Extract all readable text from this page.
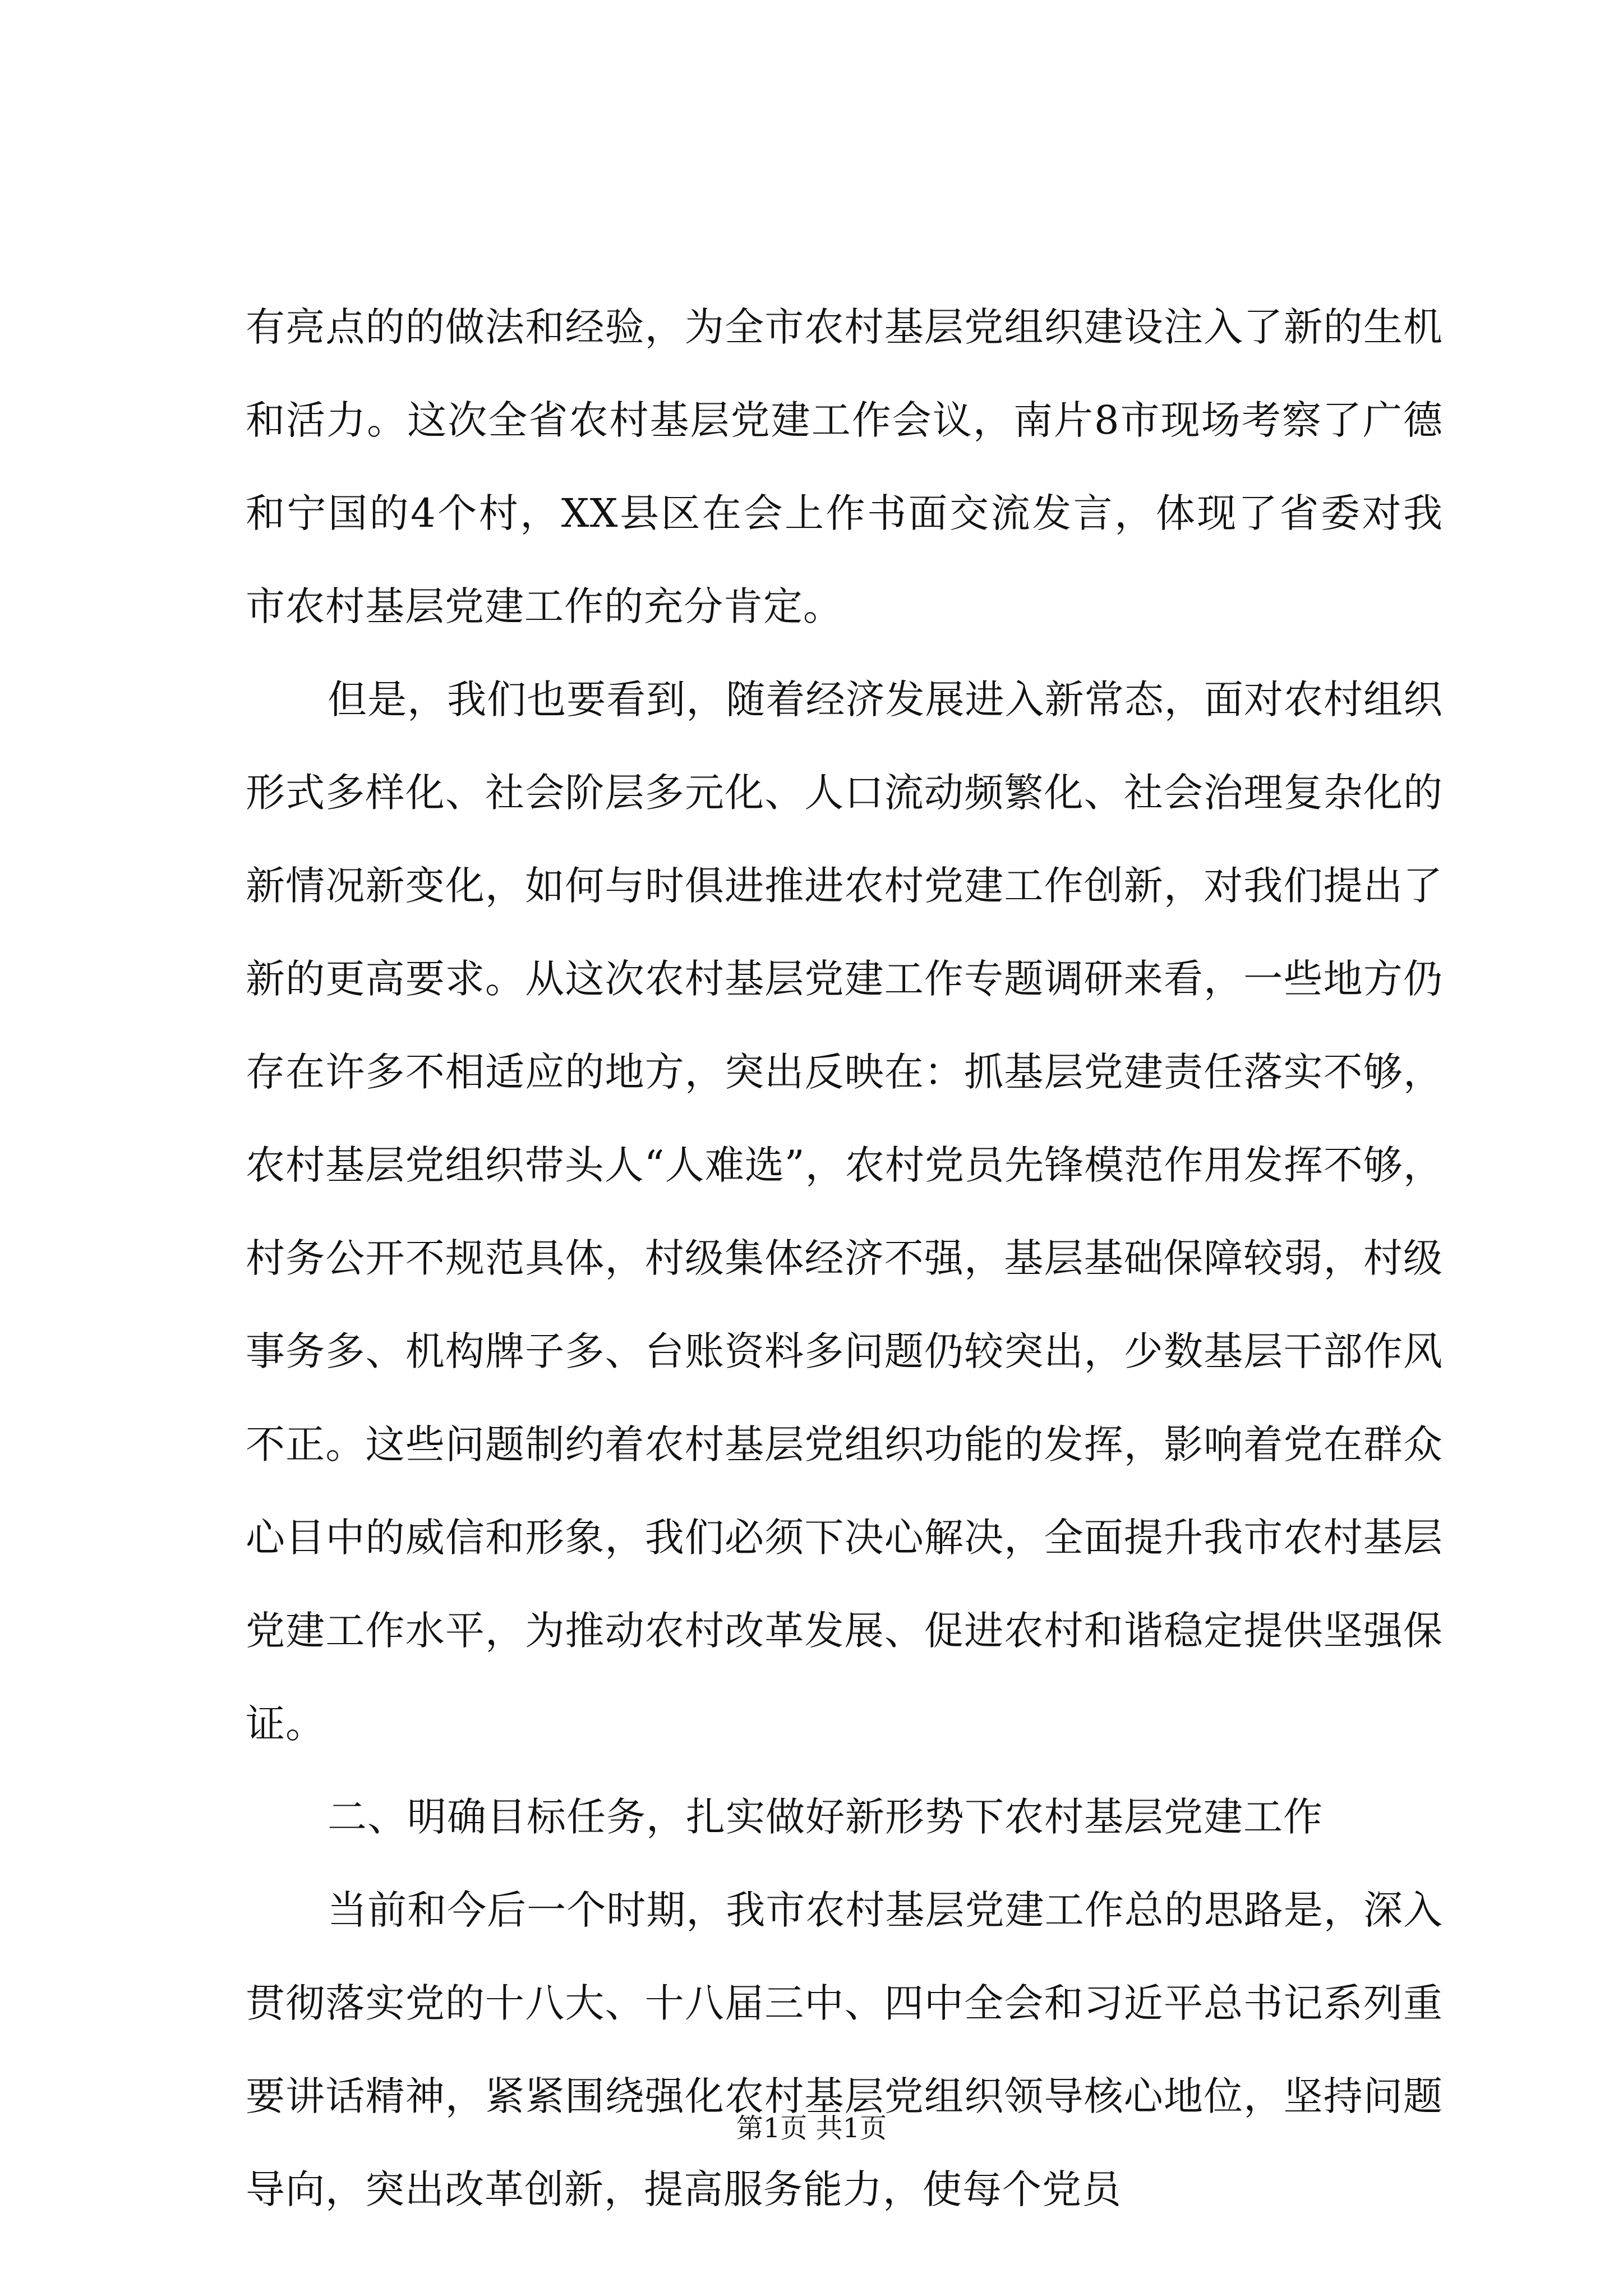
有亮点的的做法和经验，为全市农村基层党组织建设注入了新的生机和活力。这次全省农村基层党建工作会议，南片8市现场考察了广德和宁国的4个村，XX县区在会上作书面交流发言，体现了省委对我市农村基层党建工作的充分肯定。

但是，我们也要看到，随着经济发展进入新常态，面对农村组织形式多样化、社会阶层多元化、人口流动频繁化、社会治理复杂化的新情况新变化，如何与时俱进推进农村党建工作创新，对我们提出了新的更高要求。从这次农村基层党建工作专题调研来看，一些地方仍存在许多不相适应的地方，突出反映在：抓基层党建责任落实不够，农村基层党组织带头人“人难选”，农村党员先锋模范作用发挥不够，村务公开不规范具体，村级集体经济不强，基层基础保障较弱，村级事务多、机构牌子多、台账资料多问题仍较突出，少数基层干部作风不正。这些问题制约着农村基层党组织功能的发挥，影响着党在群众心目中的威信和形象，我们必须下决心解决，全面提升我市农村基层党建工作水平，为推动农村改革发展、促进农村和谐稳定提供坚强保证。

二、明确目标任务，扎实做好新形势下农村基层党建工作

当前和今后一个时期，我市农村基层党建工作总的思路是，深入贯彻落实党的十八大、十八届三中、四中全会和习近平总书记系列重要讲话精神，紧紧围绕强化农村基层党组织领导核心地位，坚持问题导向，突出改革创新，提高服务能力，使每个党员

第1页 共1页
